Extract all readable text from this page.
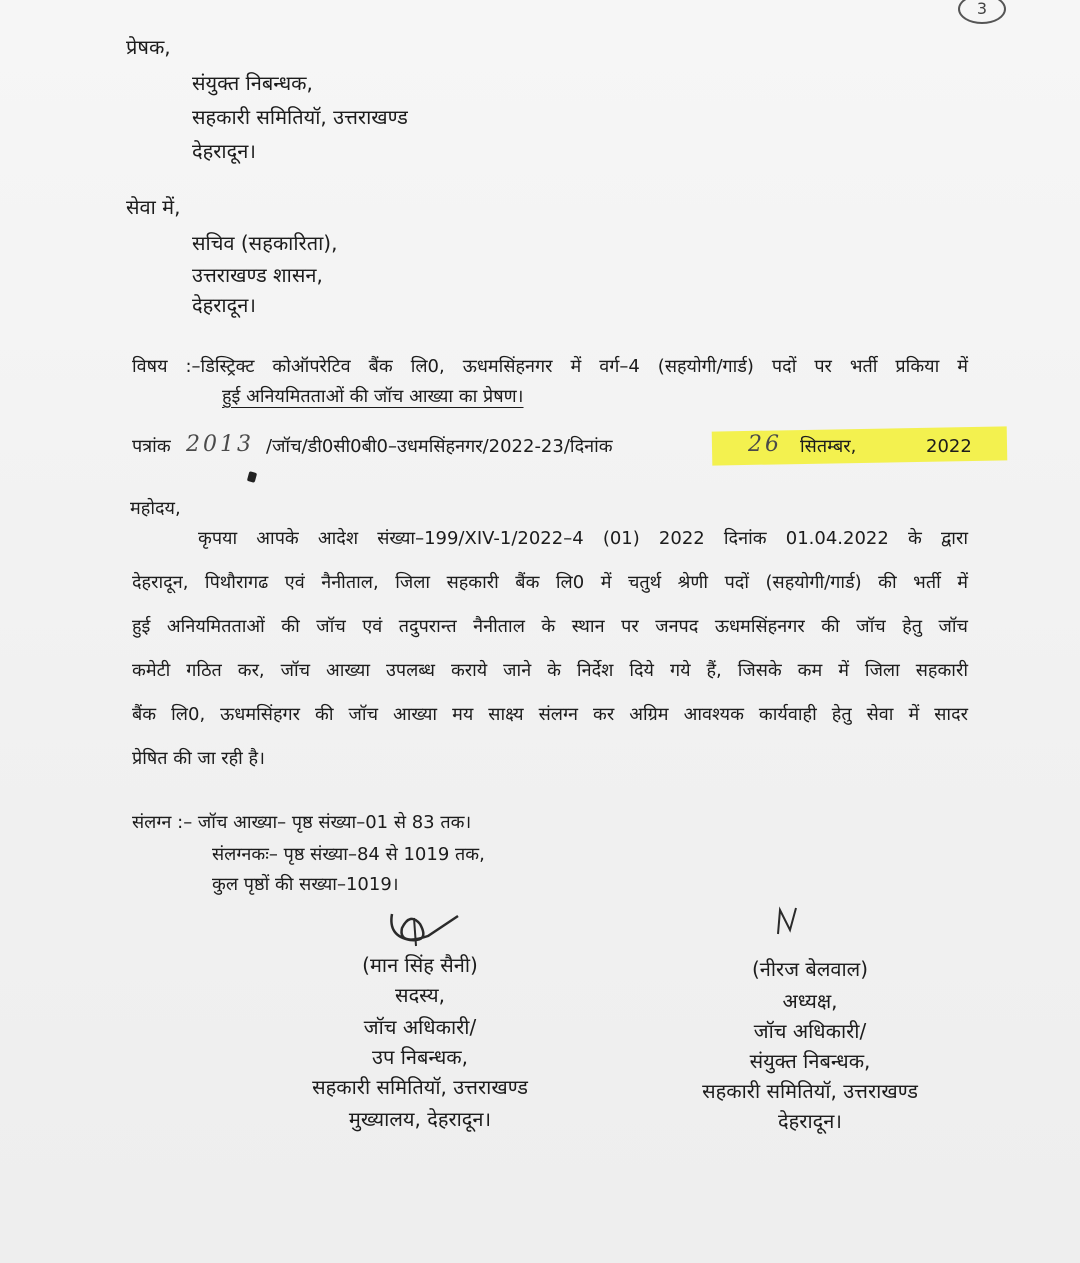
3
प्रेषक,
संयुक्त निबन्धक,
सहकारी समितियॉ, उत्तराखण्ड
देहरादून।
सेवा में,
सचिव (सहकारिता),
उत्तराखण्ड शासन,
देहरादून।
विषय :–डिस्ट्रिक्ट कोऑपरेटिव बैंक लि0, ऊधमसिंहनगर में वर्ग–4 (सहयोगी/गार्ड) पदों पर भर्ती प्रकिया में
हुई अनियमितताओं की जॉच आख्या का प्रेषण।
पत्रांक 2013 /जॉच/डी0सी0बी0–उधमसिंहनगर/2022-23/दिनांक	26 सितम्बर,	2022
महोदय,
कृपया आपके आदेश संख्या–199/XIV-1/2022–4 (01) 2022 दिनांक 01.04.2022 के द्वारा
देहरादून, पिथौरागढ एवं नैनीताल, जिला सहकारी बैंक लि0 में चतुर्थ श्रेणी पदों (सहयोगी/गार्ड) की भर्ती में
हुई अनियमितताओं की जॉच एवं तदुपरान्त नैनीताल के स्थान पर जनपद ऊधमसिंहनगर की जॉच हेतु जॉच
कमेटी गठित कर, जॉच आख्या उपलब्ध कराये जाने के निर्देश दिये गये हैं, जिसके कम में जिला सहकारी
बैंक लि0, ऊधमसिंहगर की जॉच आख्या मय साक्ष्य संलग्न कर अग्रिम आवश्यक कार्यवाही हेतु सेवा में सादर
प्रेषित की जा रही है।
संलग्न :– जॉच आख्या– पृष्ठ संख्या–01 से 83 तक।
संलग्नकः– पृष्ठ संख्या–84 से 1019 तक,
कुल पृष्ठों की सख्या–1019।
(मान सिंह सैनी)
सदस्य,
जॉच अधिकारी/
उप निबन्धक,
सहकारी समितियॉ, उत्तराखण्ड
मुख्यालय, देहरादून।
(नीरज बेलवाल)
अध्यक्ष,
जॉच अधिकारी/
संयुक्त निबन्धक,
सहकारी समितियॉ, उत्तराखण्ड
देहरादून।
